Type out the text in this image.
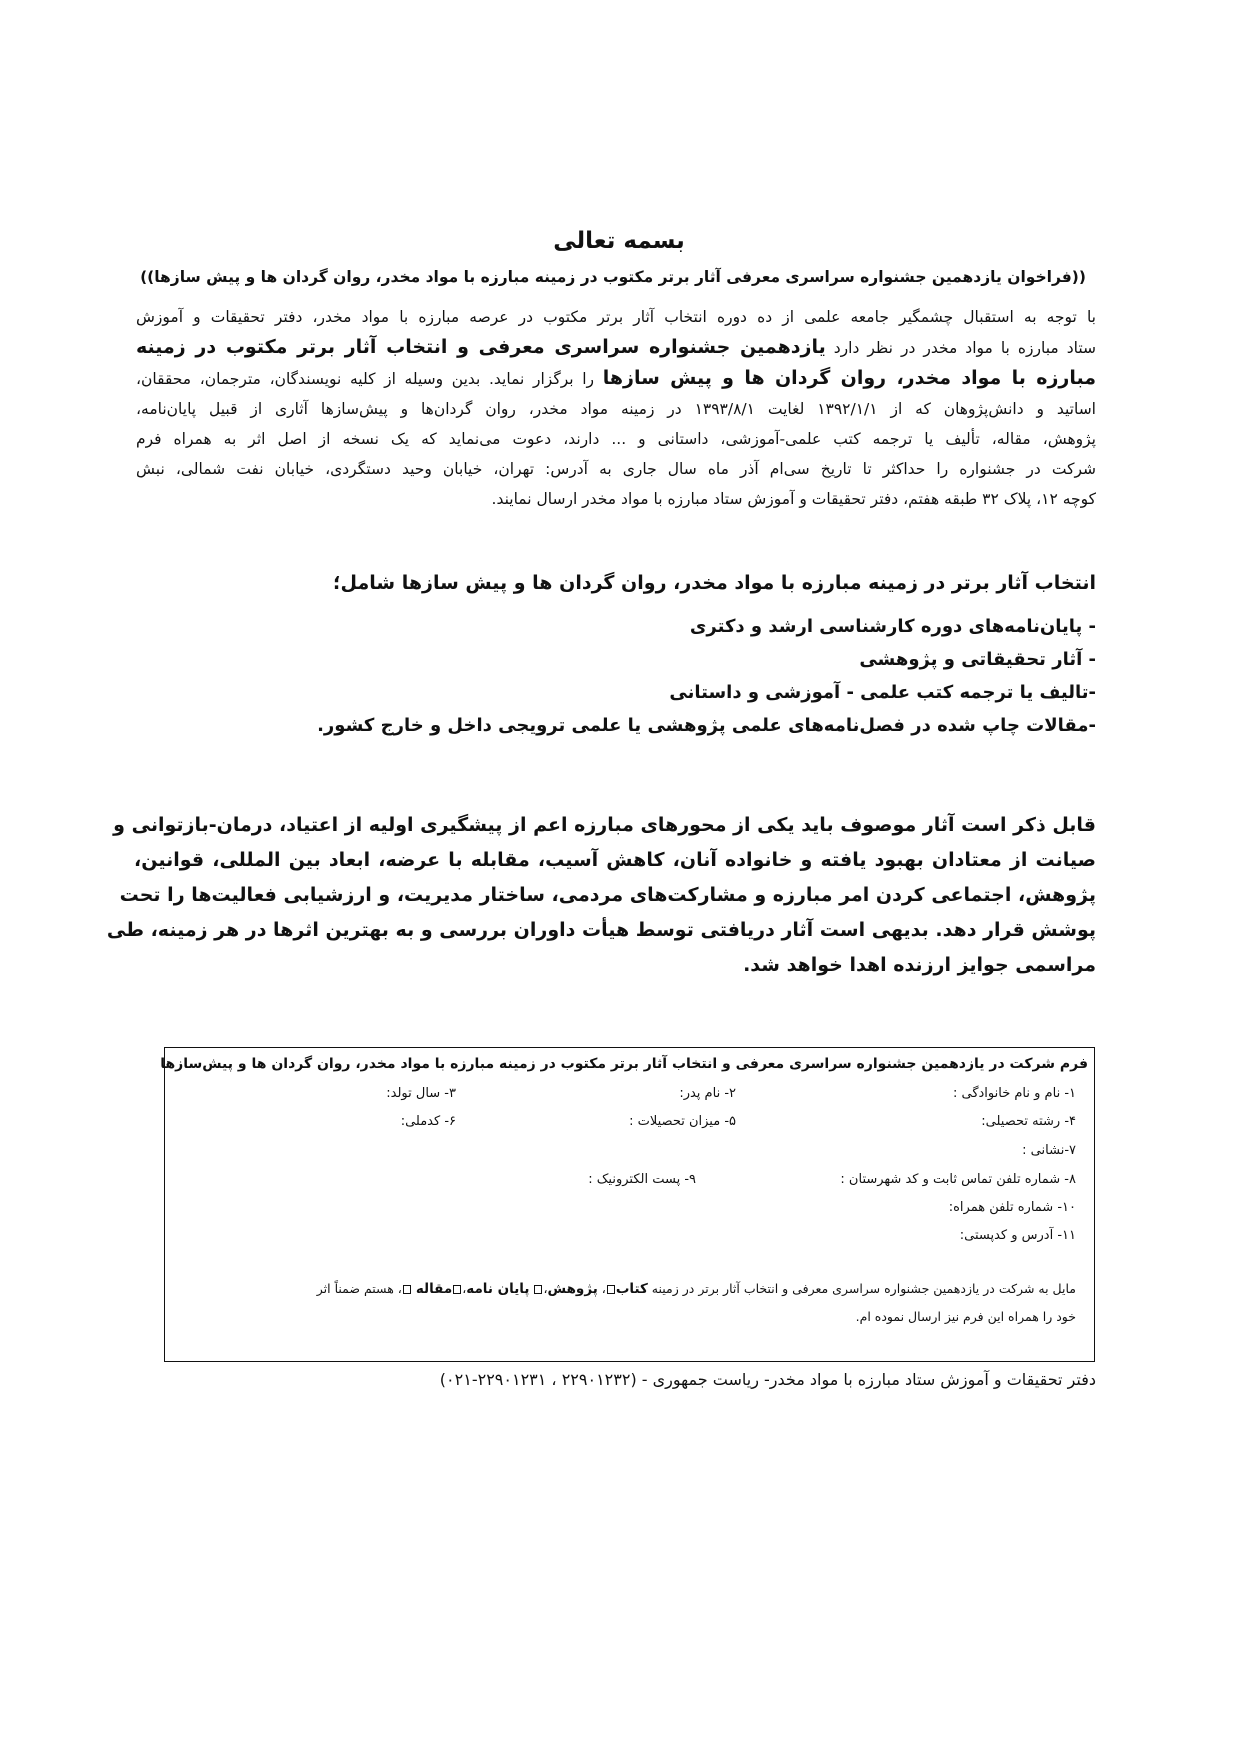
بسمه تعالی
((فراخوان یازدهمین جشنواره سراسری معرفی آثار برتر مکتوب در زمینه مبارزه با مواد مخدر، روان گردان ها و پیش سازها))
با توجه به استقبال چشمگیر جامعه علمی از ده دوره انتخاب آثار برتر مکتوب در عرصه مبارزه با مواد مخدر، دفتر تحقیقات و آموزش
ستاد مبارزه با مواد مخدر در نظر دارد یازدهمین جشنواره سراسری معرفی و انتخاب آثار برتر مکتوب در زمینه
مبارزه با مواد مخدر، روان گردان ها و پیش سازها را برگزار نماید. بدین وسیله از کلیه نویسندگان، مترجمان، محققان،
اساتید و دانش‌پژوهان که از ۱۳۹۲/۱/۱ لغایت ۱۳۹۳/۸/۱ در زمینه مواد مخدر، روان گردان‌ها و پیش‌سازها آثاری از قبیل پایان‌نامه،
پژوهش، مقاله، تألیف یا ترجمه کتب علمی-آموزشی، داستانی و ... دارند، دعوت می‌نماید که یک نسخه از اصل اثر به همراه فرم
شرکت در جشنواره را حداکثر تا تاریخ سی‌ام آذر ماه سال جاری به آدرس: تهران، خیابان وحید دستگردی، خیابان نفت شمالی، نبش
کوچه ۱۲، پلاک ۳۲ طبقه هفتم، دفتر تحقیقات و آموزش ستاد مبارزه با مواد مخدر ارسال نمایند.
انتخاب آثار برتر در زمینه مبارزه با مواد مخدر، روان گردان ها و پیش سازها شامل؛
- پایان‌نامه‌های دوره کارشناسی ارشد و دکتری
- آثار تحقیقاتی و پژوهشی
-تالیف یا ترجمه کتب علمی - آموزشی و داستانی
-مقالات چاپ شده در فصل‌نامه‌های علمی پژوهشی یا علمی ترویجی داخل و خارج کشور.
قابل ذکر است آثار موصوف باید یکی از محورهای مبارزه اعم از پیشگیری اولیه از اعتیاد، درمان-بازتوانی و
صیانت از معتادان بهبود یافته و خانواده آنان، کاهش آسیب، مقابله با عرضه، ابعاد بین المللی، قوانین،
پژوهش، اجتماعی کردن امر مبارزه و مشارکت‌های مردمی، ساختار مدیریت، و ارزشیابی فعالیت‌ها را تحت
پوشش قرار دهد. بدیهی است آثار دریافتی توسط هیأت داوران بررسی و به بهترین اثرها در هر زمینه، طی
مراسمی جوایز ارزنده اهدا خواهد شد.
فرم شرکت در یازدهمین جشنواره سراسری معرفی و انتخاب آثار برتر مکتوب در زمینه مبارزه با مواد مخدر، روان گردان ها و پیش‌سازها
۱- نام و نام خانوادگی :
۲- نام پدر:
۳- سال تولد:
۴- رشته تحصیلی:
۵- میزان تحصیلات :
۶- کدملی:
۷-نشانی :
۸- شماره تلفن تماس ثابت و کد شهرستان :
۹- پست الکترونیک :
۱۰- شماره تلفن همراه:
۱۱- آدرس و کدپستی:
مایل به شرکت در یازدهمین جشنواره سراسری معرفی و انتخاب آثار برتر در زمینه کتاب، پژوهش، پایان نامه،مقاله ، هستم ضمناً اثر
خود را همراه این فرم نیز ارسال نموده ام.
دفتر تحقیقات و آموزش ستاد مبارزه با مواد مخدر- ریاست جمهوری - (۲۲۹۰۱۲۳۲ ، ۲۲۹۰۱۲۳۱-۰۲۱)
